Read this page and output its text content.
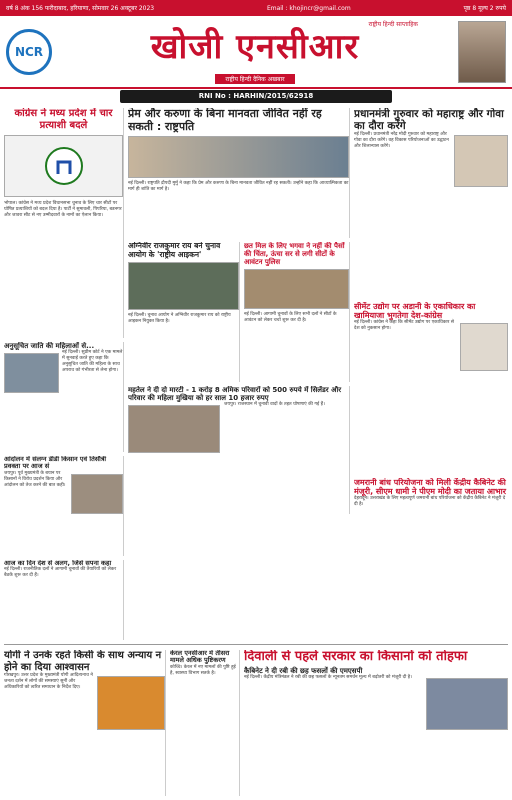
वर्ष 8 अंक 156 फरीदाबाद, हरियाणा, सोमवार 26 अक्टूबर 2023	Email : khojincr@gmail.com	पृष्ठ 8 मूल्य 2 रुपये
NCR
राष्ट्रीय हिन्दी साप्ताहिक
खोजी एनसीआर
राष्ट्रीय हिन्दी दैनिक अखबार
RNI No : HARHIN/2015/62918
कांग्रेस ने मध्य प्रदेश में चार प्रत्याशी बदले
भोपाल। कांग्रेस ने मध्य प्रदेश विधानसभा चुनाव के लिए चार सीटों पर घोषित प्रत्याशियों को बदल दिया है। पार्टी ने सुमावली, पिपरिया, बडनगर और जावरा सीट से नए उम्मीदवारों के नामों का ऐलान किया।
अनुसूचित जाति की महिलाओं से...
नई दिल्ली। सुप्रीम कोर्ट ने एक मामले में सुनवाई करते हुए कहा कि अनुसूचित जाति की महिला के साथ अपराध को गंभीरता से लेना होगा।
आंदोलन में संलग्न डीडी किसान एवं तिसौत्री प्रवक्ता पर आज सं
जयपुर। पूर्व मुख्यमंत्री के बयान पर किसानों ने विरोध प्रदर्शन किया और आंदोलन को तेज करने की बात कही।
आज का दिन देश से अलग, जिसे सपना कहा
नई दिल्ली। राजनीतिक दलों ने आगामी चुनावों की तैयारियों को लेकर बैठकें शुरू कर दी हैं।
प्रेम और करुणा के बिना मानवता जीवित नहीं रह सकती : राष्ट्रपति
नई दिल्ली। राष्ट्रपति द्रौपदी मुर्मु ने कहा कि प्रेम और करुणा के बिना मानवता जीवित नहीं रह सकती। उन्होंने कहा कि आध्यात्मिकता का मार्ग ही शांति का मार्ग है।
अग्निवीर राजकुमार राय बने चुनाव आयोग के 'राष्ट्रीय आइकन'
नई दिल्ली। चुनाव आयोग ने अग्निवीर राजकुमार राय को राष्ट्रीय आइकन नियुक्त किया है।
छत मिल के लिए भगवा ने नहीं की पैसों की चिंता, ऊंचा सर से लगी सीटों के आवंटन पुलिस
नई दिल्ली। आगामी चुनावों के लिए सभी दलों ने सीटों के आवंटन को लेकर चर्चा शुरू कर दी है।
महतेल ने दी दो मारटी - 1 करोड़ 8 अमिक परिवारों को 500 रुपये में सिलेंडर और परिवार की महिला मुखिया को हर साल 10 हजार रुपए
जयपुर। राजस्थान में चुनावी वादों के तहत घोषणाएं की गई हैं।
प्रधानमंत्री गुरुवार को महाराष्ट्र और गोवा का दौरा करेंगे
नई दिल्ली। प्रधानमंत्री नरेंद्र मोदी गुरुवार को महाराष्ट्र और गोवा का दौरा करेंगे। वह विकास परियोजनाओं का उद्घाटन और शिलान्यास करेंगे।
सीमेंट उद्योग पर अडानी के एकाधिकार का खामियाजा भुगतेगा देश-कांग्रेस
नई दिल्ली। कांग्रेस ने कहा कि सीमेंट उद्योग पर एकाधिकार से देश को नुकसान होगा।
जमरानी बांध परियोजना को मिली केंद्रीय कैबिनेट की मंजूरी, सीएम धामी ने पीएम मोदी का जताया आभार
देहरादून। उत्तराखंड के लिए महत्वपूर्ण जमरानी बांध परियोजना को केंद्रीय कैबिनेट ने मंजूरी दे दी है।
योगी ने उनके रहते किसी के साथ अन्याय न होने का दिया आश्वासन
गोरखपुर। उत्तर प्रदेश के मुख्यमंत्री योगी आदित्यनाथ ने जनता दर्शन में लोगों की समस्याएं सुनीं और अधिकारियों को त्वरित समाधान के निर्देश दिए।
केरल एनसीआर में तीसरा मामले अधिक पुष्टिकरण
कोच्चि। केरल में नए मामलों की पुष्टि हुई है, स्वास्थ्य विभाग सतर्क है।
दिवाली से पहले सरकार का किसानों को तोहफा
कैबिनेट ने दी रबी की छह फसलों की एमएसपी
नई दिल्ली। केंद्रीय मंत्रिमंडल ने रबी की छह फसलों के न्यूनतम समर्थन मूल्य में बढ़ोतरी को मंजूरी दी है।
